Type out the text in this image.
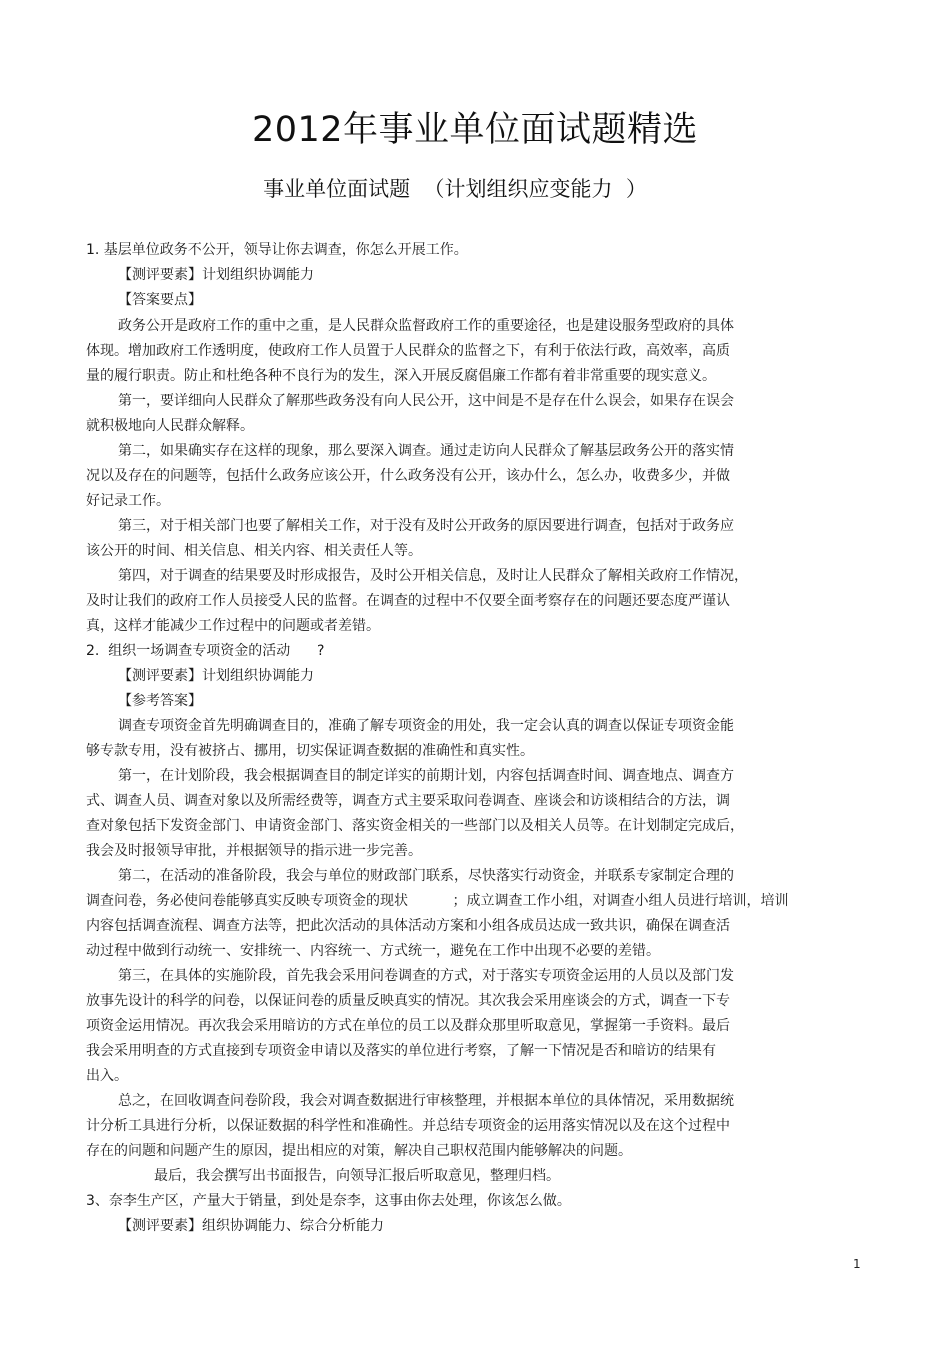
2012年事业单位面试题精选
事业单位面试题  （计划组织应变能力  ）
1. 基层单位政务不公开，领导让你去调查，你怎么开展工作。
【测评要素】计划组织协调能力
【答案要点】
政务公开是政府工作的重中之重，是人民群众监督政府工作的重要途径，也是建设服务型政府的具体
体现。增加政府工作透明度，使政府工作人员置于人民群众的监督之下，有利于依法行政，高效率，高质
量的履行职责。防止和杜绝各种不良行为的发生，深入开展反腐倡廉工作都有着非常重要的现实意义。
第一，要详细向人民群众了解那些政务没有向人民公开，这中间是不是存在什么误会，如果存在误会
就积极地向人民群众解释。
第二，如果确实存在这样的现象，那么要深入调查。通过走访向人民群众了解基层政务公开的落实情
况以及存在的问题等，包括什么政务应该公开，什么政务没有公开，该办什么，怎么办，收费多少，并做
好记录工作。
第三，对于相关部门也要了解相关工作，对于没有及时公开政务的原因要进行调查，包括对于政务应
该公开的时间、相关信息、相关内容、相关责任人等。
第四，对于调查的结果要及时形成报告，及时公开相关信息，及时让人民群众了解相关政府工作情况，
及时让我们的政府工作人员接受人民的监督。在调查的过程中不仅要全面考察存在的问题还要态度严谨认
真，这样才能减少工作过程中的问题或者差错。
2.  组织一场调查专项资金的活动      ?
【测评要素】计划组织协调能力
【参考答案】
调查专项资金首先明确调查目的，准确了解专项资金的用处，我一定会认真的调查以保证专项资金能
够专款专用，没有被挤占、挪用，切实保证调查数据的准确性和真实性。
第一，在计划阶段，我会根据调查目的制定详实的前期计划，内容包括调查时间、调查地点、调查方
式、调查人员、调查对象以及所需经费等，调查方式主要采取问卷调查、座谈会和访谈相结合的方法，调
查对象包括下发资金部门、申请资金部门、落实资金相关的一些部门以及相关人员等。在计划制定完成后，
我会及时报领导审批，并根据领导的指示进一步完善。
第二，在活动的准备阶段，我会与单位的财政部门联系，尽快落实行动资金，并联系专家制定合理的
调查问卷，务必使问卷能够真实反映专项资金的现状          ；成立调查工作小组，对调查小组人员进行培训，培训
内容包括调查流程、调查方法等，把此次活动的具体活动方案和小组各成员达成一致共识，确保在调查活
动过程中做到行动统一、安排统一、内容统一、方式统一，避免在工作中出现不必要的差错。
第三，在具体的实施阶段，首先我会采用问卷调查的方式，对于落实专项资金运用的人员以及部门发
放事先设计的科学的问卷，以保证问卷的质量反映真实的情况。其次我会采用座谈会的方式，调查一下专
项资金运用情况。再次我会采用暗访的方式在单位的员工以及群众那里听取意见，掌握第一手资料。最后
我会采用明查的方式直接到专项资金申请以及落实的单位进行考察，了解一下情况是否和暗访的结果有
出入。
总之，在回收调查问卷阶段，我会对调查数据进行审核整理，并根据本单位的具体情况，采用数据统
计分析工具进行分析，以保证数据的科学性和准确性。并总结专项资金的运用落实情况以及在这个过程中
存在的问题和问题产生的原因，提出相应的对策，解决自己职权范围内能够解决的问题。
最后，我会撰写出书面报告，向领导汇报后听取意见，整理归档。
3、奈李生产区，产量大于销量，到处是奈李，这事由你去处理，你该怎么做。
【测评要素】组织协调能力、综合分析能力
1
